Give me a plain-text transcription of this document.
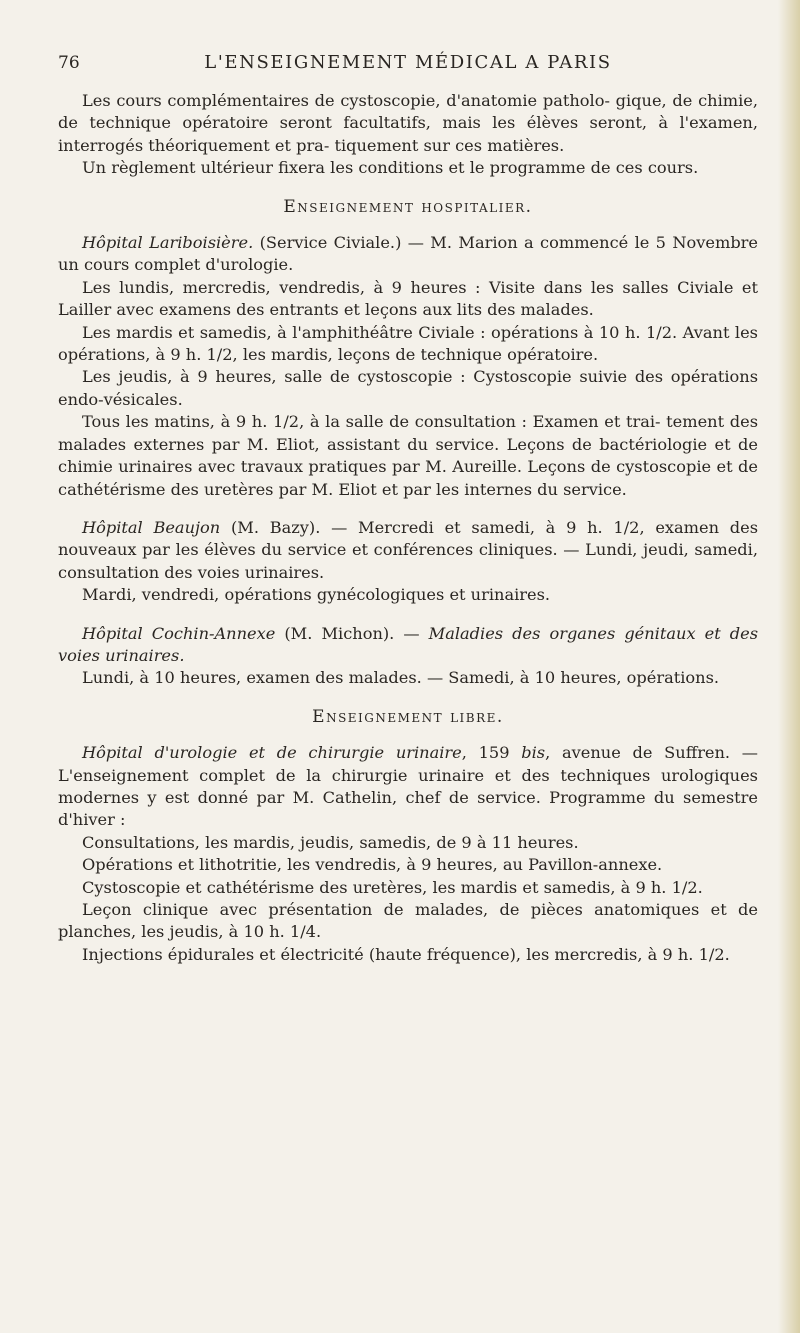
76	L'ENSEIGNEMENT MÉDICAL A PARIS

Les cours complémentaires de cystoscopie, d'anatomie patholo- gique, de chimie, de technique opératoire seront facultatifs, mais les élèves seront, à l'examen, interrogés théoriquement et pra- tiquement sur ces matières.

Un règlement ultérieur fixera les conditions et le programme de ces cours.

Enseignement hospitalier.

Hôpital Lariboisière. (Service Civiale.) — M. Marion a commencé le 5 Novembre un cours complet d'urologie.

Les lundis, mercredis, vendredis, à 9 heures : Visite dans les salles Civiale et Lailler avec examens des entrants et leçons aux lits des malades.

Les mardis et samedis, à l'amphithéâtre Civiale : opérations à 10 h. 1/2. Avant les opérations, à 9 h. 1/2, les mardis, leçons de technique opératoire.

Les jeudis, à 9 heures, salle de cystoscopie : Cystoscopie suivie des opérations endo-vésicales.

Tous les matins, à 9 h. 1/2, à la salle de consultation : Examen et trai- tement des malades externes par M. Eliot, assistant du service. Leçons de bactériologie et de chimie urinaires avec travaux pratiques par M. Aureille. Leçons de cystoscopie et de cathétérisme des uretères par M. Eliot et par les internes du service.

Hôpital Beaujon (M. Bazy). — Mercredi et samedi, à 9 h. 1/2, examen des nouveaux par les élèves du service et conférences cliniques. — Lundi, jeudi, samedi, consultation des voies urinaires.

Mardi, vendredi, opérations gynécologiques et urinaires.

Hôpital Cochin-Annexe (M. Michon). — Maladies des organes génitaux et des voies urinaires.

Lundi, à 10 heures, examen des malades. — Samedi, à 10 heures, opérations.

Enseignement libre.

Hôpital d'urologie et de chirurgie urinaire, 159 bis, avenue de Suffren. — L'enseignement complet de la chirurgie urinaire et des techniques urologiques modernes y est donné par M. Cathelin, chef de service. Programme du semestre d'hiver :

Consultations, les mardis, jeudis, samedis, de 9 à 11 heures.

Opérations et lithotritie, les vendredis, à 9 heures, au Pavillon-annexe.

Cystoscopie et cathétérisme des uretères, les mardis et samedis, à 9 h. 1/2.

Leçon clinique avec présentation de malades, de pièces anatomiques et de planches, les jeudis, à 10 h. 1/4.

Injections épidurales et électricité (haute fréquence), les mercredis, à 9 h. 1/2.
